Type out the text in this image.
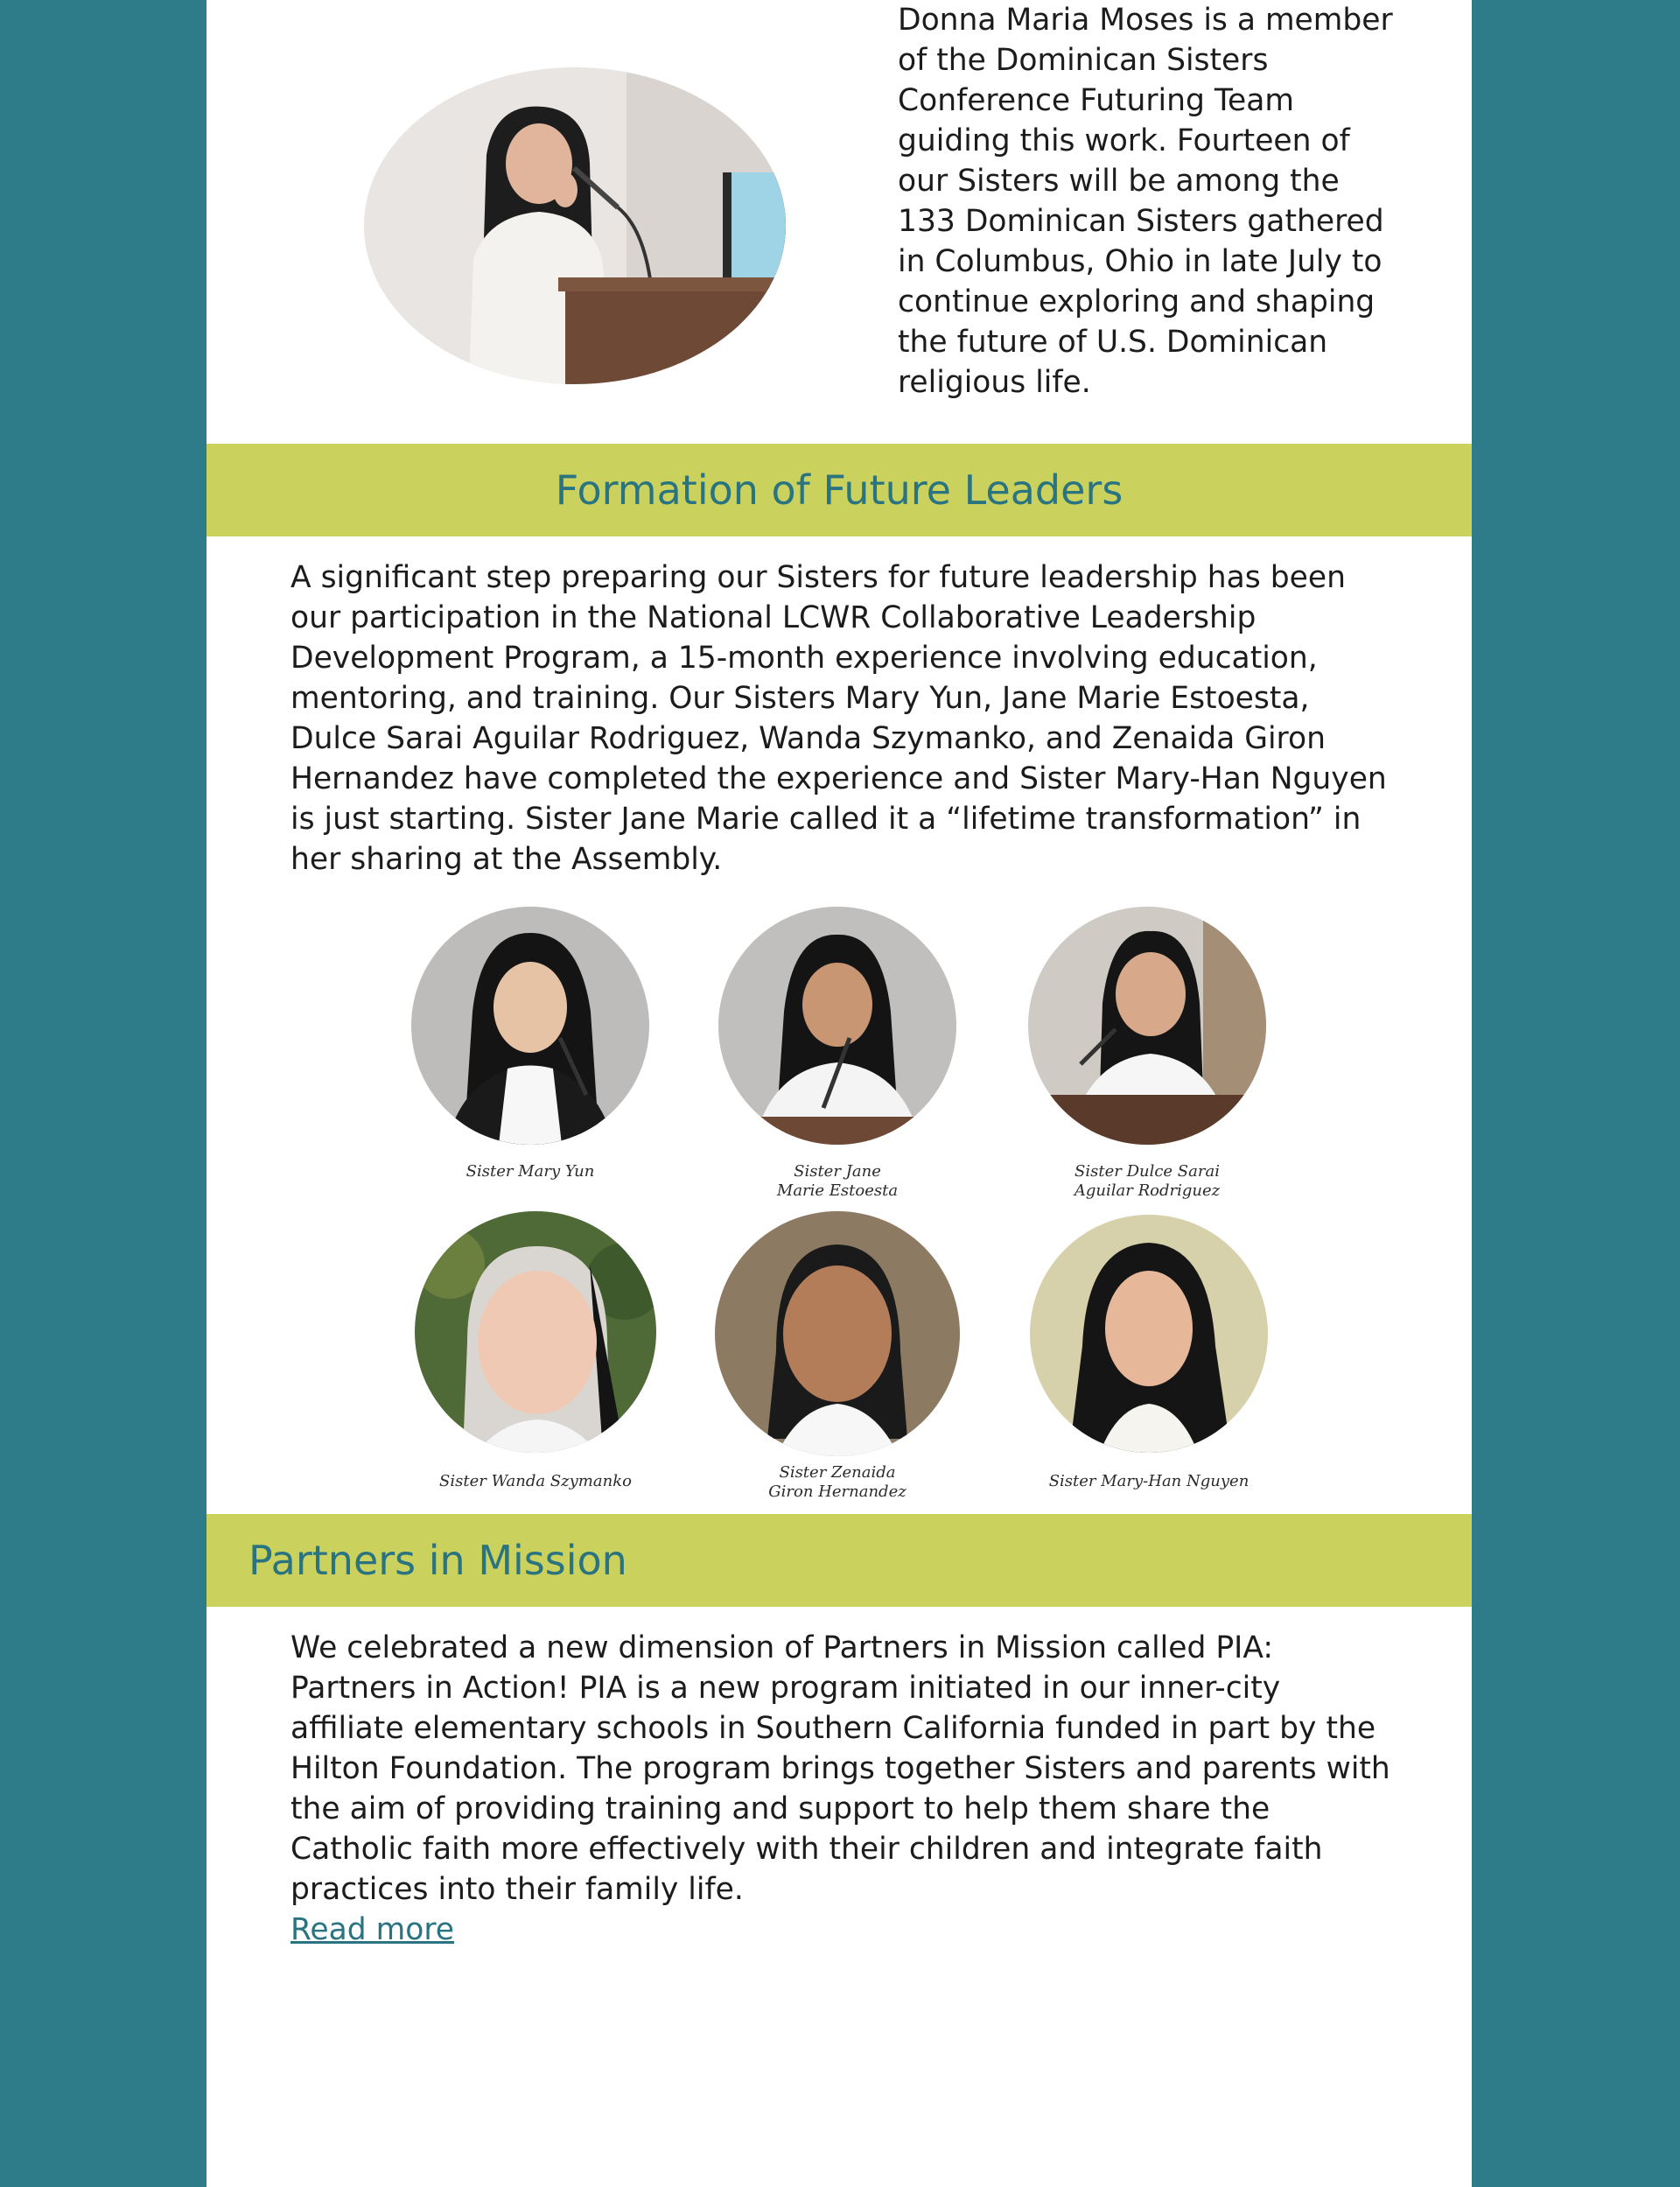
Donna Maria Moses is a member of the Dominican Sisters Conference Futuring Team guiding this work. Fourteen of our Sisters will be among the 133 Dominican Sisters gathered in Columbus, Ohio in late July to continue exploring and shaping the future of U.S. Dominican religious life.

Formation of Future Leaders

A significant step preparing our Sisters for future leadership has been our participation in the National LCWR Collaborative Leadership Development Program, a 15-month experience involving education, mentoring, and training. Our Sisters Mary Yun, Jane Marie Estoesta, Dulce Sarai Aguilar Rodriguez, Wanda Szymanko, and Zenaida Giron Hernandez have completed the experience and Sister Mary-Han Nguyen is just starting. Sister Jane Marie called it a “lifetime transformation” in her sharing at the Assembly.

Sister Mary Yun	Sister Jane
Marie Estoesta
Sister Dulce Sarai
Aguilar Rodriguez
Sister Wanda Szymanko	Sister Zenaida
Giron Hernandez
Sister Mary-Han Nguyen
Partners in Mission

We celebrated a new dimension of Partners in Mission called PIA: Partners in Action! PIA is a new program initiated in our inner-city affiliate elementary schools in Southern California funded in part by the Hilton Foundation. The program brings together Sisters and parents with the aim of providing training and support to help them share the Catholic faith more effectively with their children and integrate faith practices into their family life.
Read more
